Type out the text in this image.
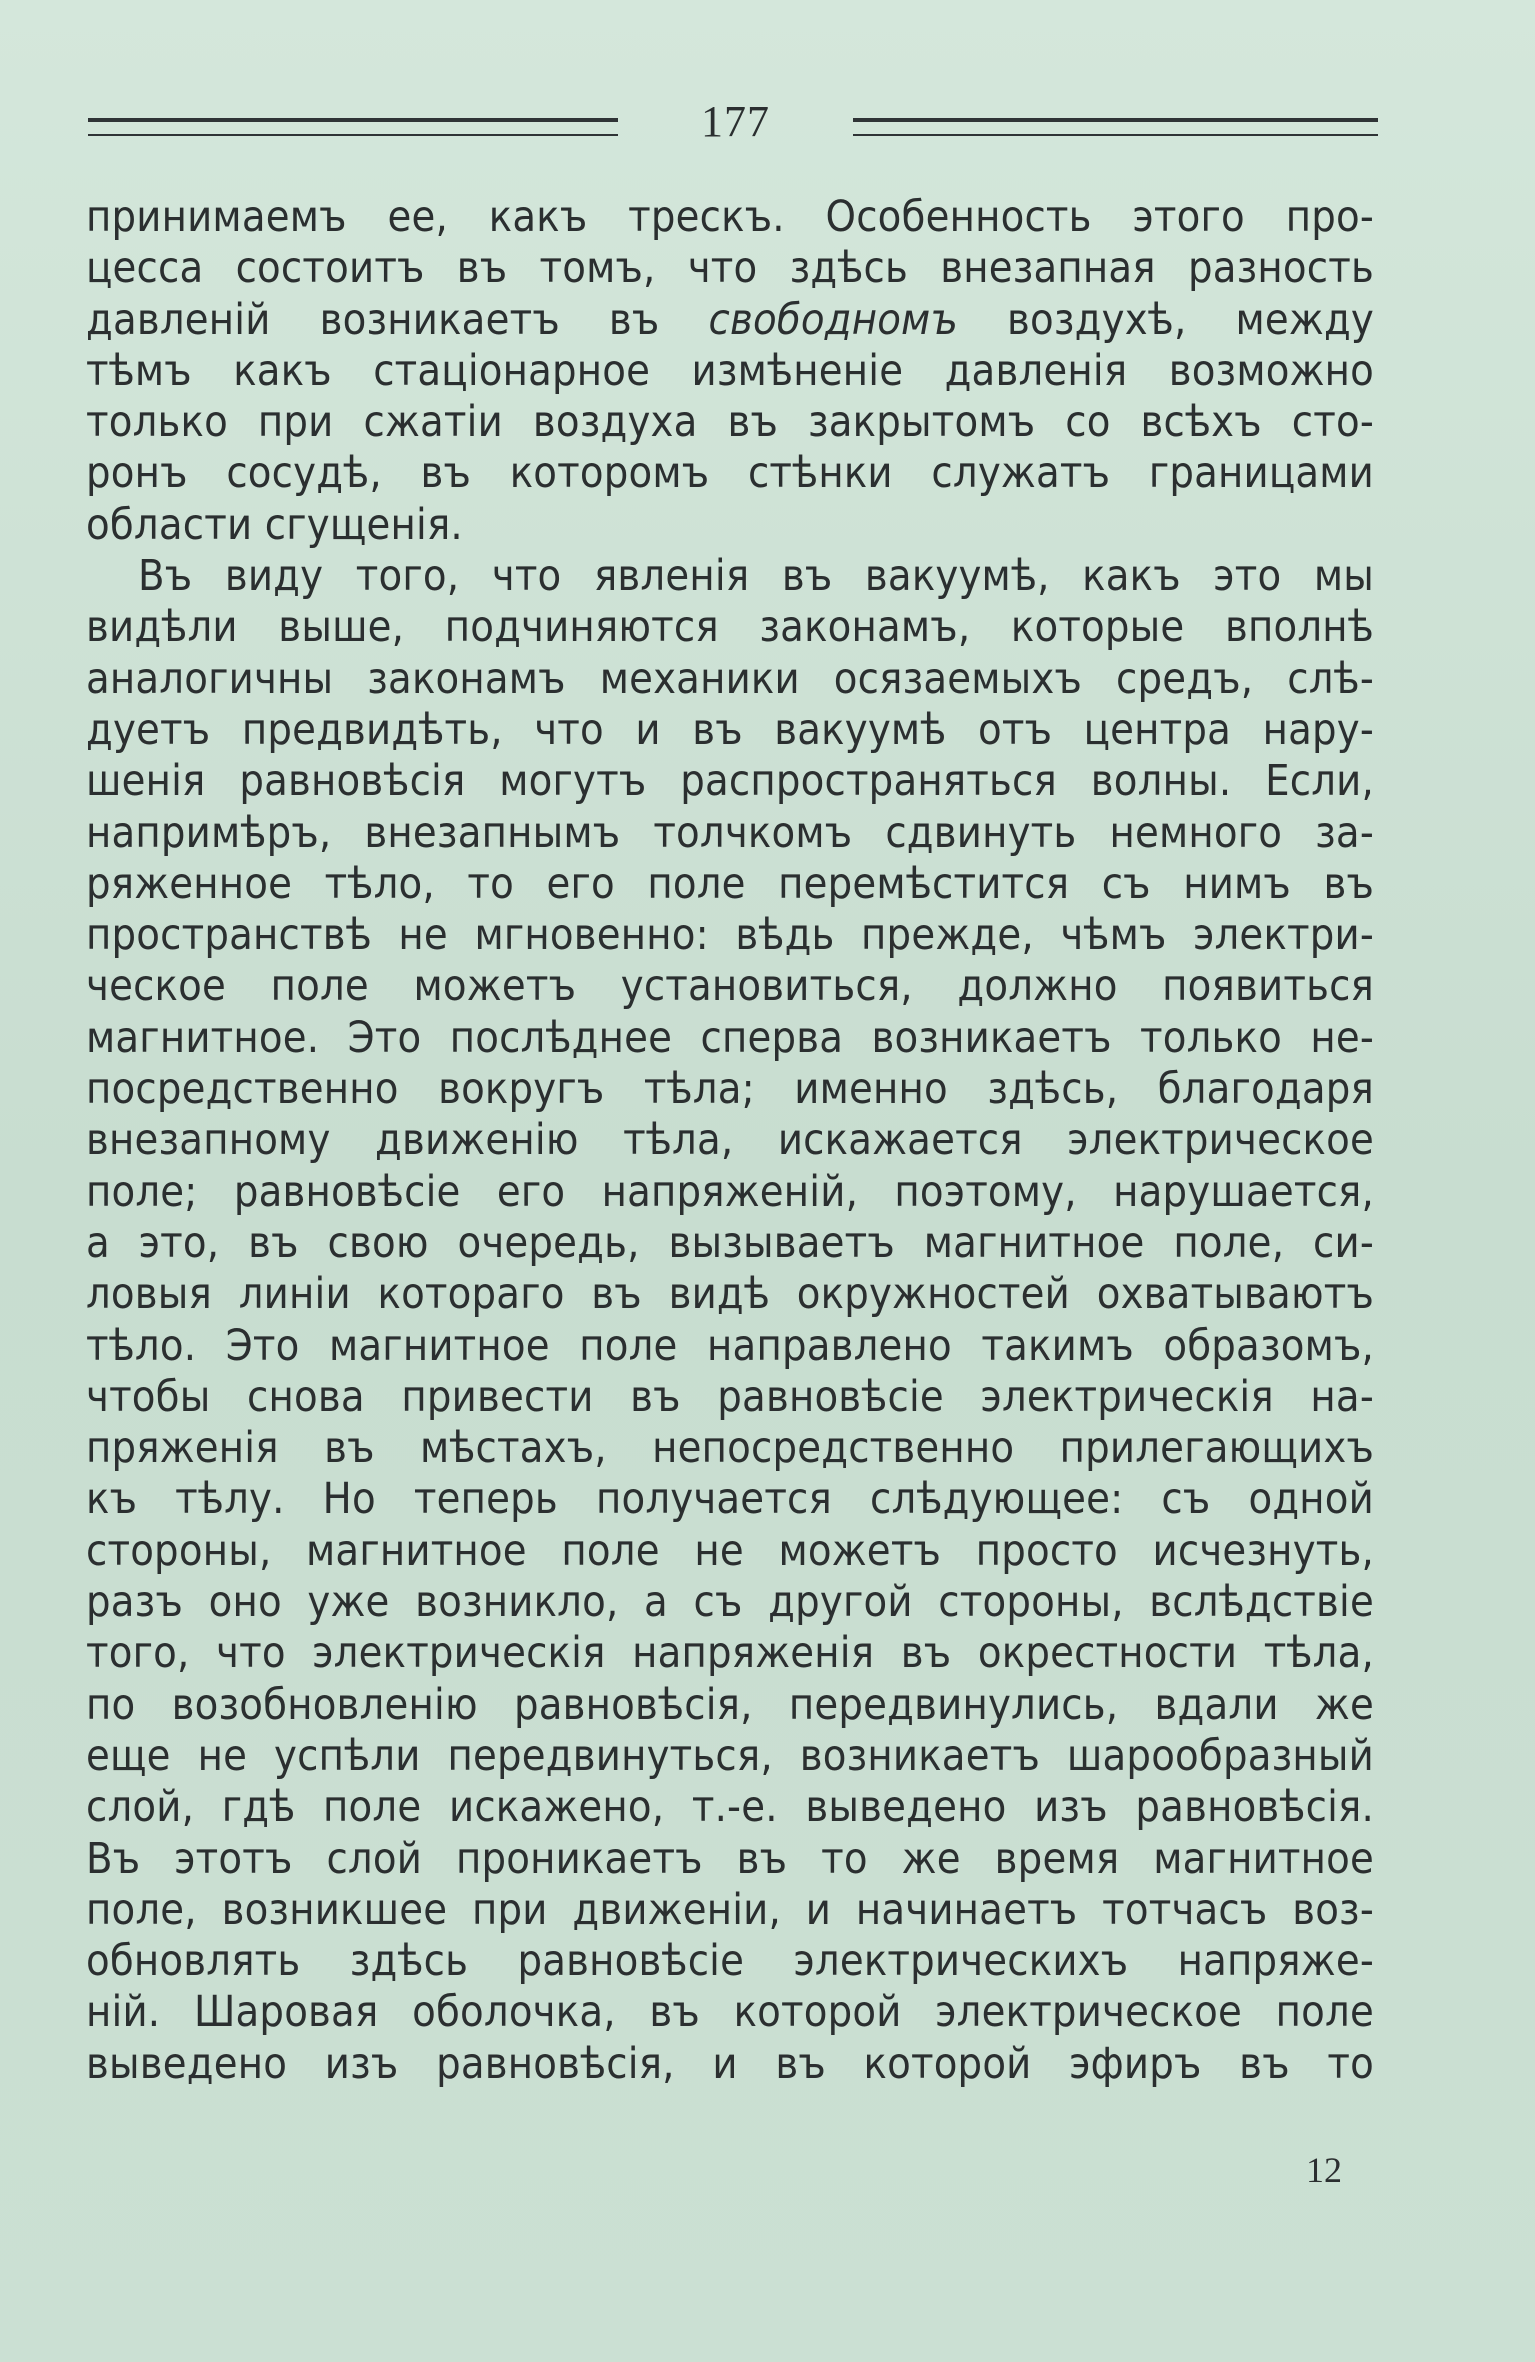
177
принимаемъ ее, какъ трескъ. Особенность этого про-
цесса состоитъ въ томъ, что здѣсь внезапная разность
давленій возникаетъ въ свободномъ воздухѣ, между
тѣмъ какъ стаціонарное измѣненіе давленія возможно
только при сжатіи воздуха въ закрытомъ со всѣхъ сто-
ронъ сосудѣ, въ которомъ стѣнки служатъ границами
области сгущенія.
Въ виду того, что явленія въ вакуумѣ, какъ это мы
видѣли выше, подчиняются законамъ, которые вполнѣ
аналогичны законамъ механики осязаемыхъ средъ, слѣ-
дуетъ предвидѣть, что и въ вакуумѣ отъ центра нару-
шенія равновѣсія могутъ распространяться волны. Если,
напримѣръ, внезапнымъ толчкомъ сдвинуть немного за-
ряженное тѣло, то его поле перемѣстится съ нимъ въ
пространствѣ не мгновенно: вѣдь прежде, чѣмъ электри-
ческое поле можетъ установиться, должно появиться
магнитное. Это послѣднее сперва возникаетъ только не-
посредственно вокругъ тѣла; именно здѣсь, благодаря
внезапному движенію тѣла, искажается электрическое
поле; равновѣсіе его напряженій, поэтому, нарушается,
а это, въ свою очередь, вызываетъ магнитное поле, си-
ловыя линіи котораго въ видѣ окружностей охватываютъ
тѣло. Это магнитное поле направлено такимъ образомъ,
чтобы снова привести въ равновѣсіе электрическія на-
пряженія въ мѣстахъ, непосредственно прилегающихъ
къ тѣлу. Но теперь получается слѣдующее: съ одной
стороны, магнитное поле не можетъ просто исчезнуть,
разъ оно уже возникло, а съ другой стороны, вслѣдствіе
того, что электрическія напряженія въ окрестности тѣла,
по возобновленію равновѣсія, передвинулись, вдали же
еще не успѣли передвинуться, возникаетъ шарообразный
слой, гдѣ поле искажено, т.-е. выведено изъ равновѣсія.
Въ этотъ слой проникаетъ въ то же время магнитное
поле, возникшее при движеніи, и начинаетъ тотчасъ воз-
обновлять здѣсь равновѣсіе электрическихъ напряже-
ній. Шаровая оболочка, въ которой электрическое поле
выведено изъ равновѣсія, и въ которой эфиръ въ то
12
